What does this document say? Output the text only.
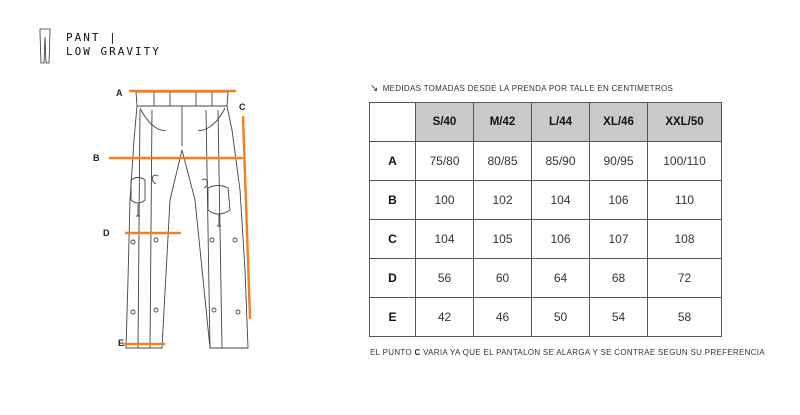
PANT |
LOW GRAVITY
A
B
C
D
E
↘ MEDIDAS TOMADAS DESDE LA PRENDA POR TALLE EN CENTIMETROS
	S/40	M/42	L/44	XL/46	XXL/50
A	75/80	80/85	85/90	90/95	100/110
B	100	102	104	106	110
C	104	105	106	107	108
D	56	60	64	68	72
E	42	46	50	54	58
EL PUNTO C VARIA YA QUE EL PANTALON SE ALARGA Y SE CONTRAE SEGUN SU PREFERENCIA
